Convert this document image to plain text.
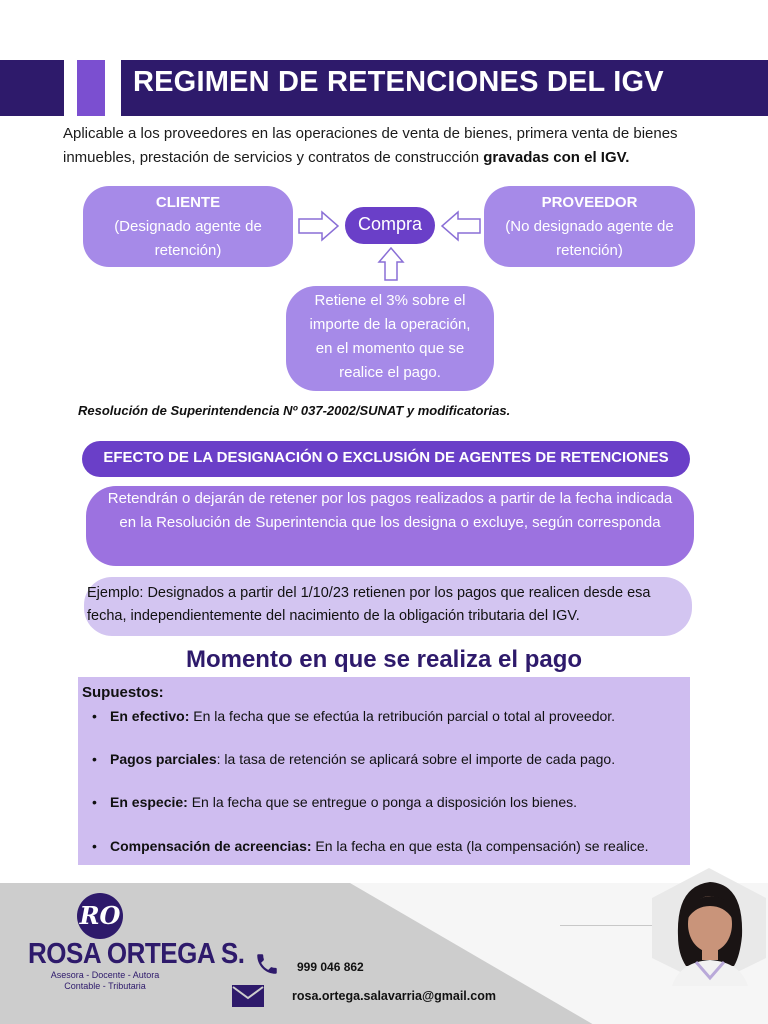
REGIMEN DE RETENCIONES DEL IGV
Aplicable a los proveedores en las operaciones de venta de bienes, primera venta de bienes inmuebles, prestación de servicios y contratos de construcción gravadas con el IGV.
CLIENTE
(Designado agente de
retención)
Compra
PROVEEDOR
(No designado agente de
retención)
Retiene el 3% sobre el
importe de la operación,
en el momento que se
realice el pago.
Resolución de Superintendencia Nº 037-2002/SUNAT y modificatorias.
EFECTO DE LA DESIGNACIÓN O EXCLUSIÓN DE AGENTES DE RETENCIONES
Retendrán o dejarán de retener por los pagos realizados a partir de la fecha indicada en la Resolución de Superintencia que los designa o excluye, según corresponda
Ejemplo: Designados a partir del 1/10/23 retienen por los pagos que realicen desde esa fecha, independientemente del nacimiento de la obligación tributaria del IGV.
Momento en que se realiza el pago
Supuestos:
• En efectivo: En la fecha que se efectúa la retribución parcial o total al proveedor.
• Pagos parciales: la tasa de retención se aplicará sobre el importe de cada pago.
• En especie: En la fecha que se entregue o ponga a disposición los bienes.
• Compensación de acreencias: En la fecha en que esta (la compensación) se realice.
RO
ROSA ORTEGA S.
Asesora - Docente - Autora
Contable - Tributaria
999 046 862
rosa.ortega.salavarria@gmail.com
